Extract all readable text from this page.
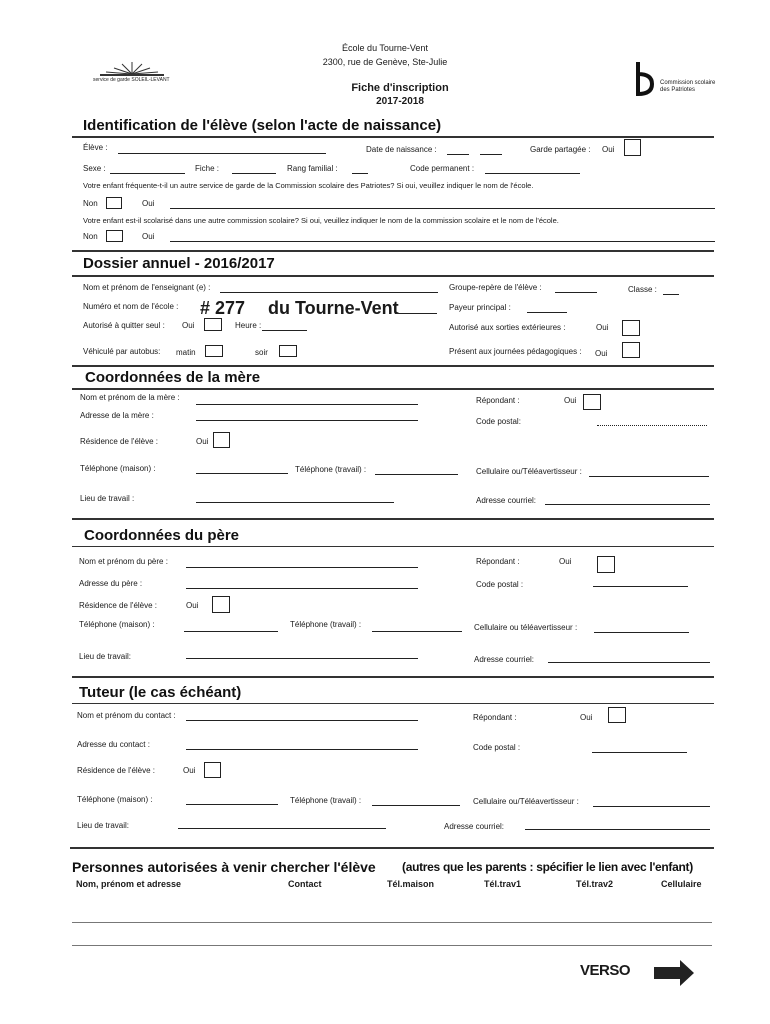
service de garde SOLEIL-LEVANT
École du Tourne-Vent
2300, rue de Genève, Ste-Julie
Fiche d'inscription
2017-2018
Commission scolaire
des Patriotes
Identification de l'élève (selon l'acte de naissance)
Élève :	Date de naissance :	Garde partagée : Oui
Sexe :	Fiche :	Rang familial :	Code permanent :
Votre enfant fréquente-t-il un autre service de garde de la Commission scolaire des Patriotes? Si oui, veuillez indiquer le nom de l'école.
Non	Oui
Votre enfant est-il scolarisé dans une autre commission scolaire? Si oui, veuillez indiquer le nom de la commission scolaire et le nom de l'école.
Non	Oui
Dossier annuel - 2016/2017
Nom et prénom de l'enseignant (e) :	Groupe-repère de l'élève :	Classe :
Numéro et nom de l'école : # 277 du Tourne-Vent	Payeur principal :
Autorisé à quitter seul : Oui	Heure :	Autorisé aux sorties extérieures :	Oui
Véhiculé par autobus: matin	soir	Présent aux journées pédagogiques : Oui
Coordonnées de la mère
Nom et prénom de la mère :	Répondant :	Oui
Adresse de la mère :
Code postal:
Résidence de l'élève :	Oui
Téléphone (maison) :	Téléphone (travail) :	Cellulaire ou/Téléavertisseur :
Lieu de travail :	Adresse courriel:
Coordonnées du père
Nom et prénom du père :	Répondant :	Oui
Adresse du père :	Code postal :
Résidence de l'élève :	Oui
Téléphone (maison) :	Téléphone (travail) :	Cellulaire ou téléavertisseur :
Lieu de travail:	Adresse courriel:
Tuteur (le cas échéant)
Nom et prénom du contact :	Répondant :	Oui
Adresse du contact :	Code postal :
Résidence de l'élève :	Oui
Téléphone (maison) :	Téléphone (travail) :	Cellulaire ou/Téléavertisseur :
Lieu de travail:	Adresse courriel:
Personnes autorisées à venir chercher l'élève (autres que les parents : spécifier le lien avec l'enfant)
Nom, prénom et adresse	Contact	Tél.maison	Tél.trav1	Tél.trav2	Cellulaire
VERSO
